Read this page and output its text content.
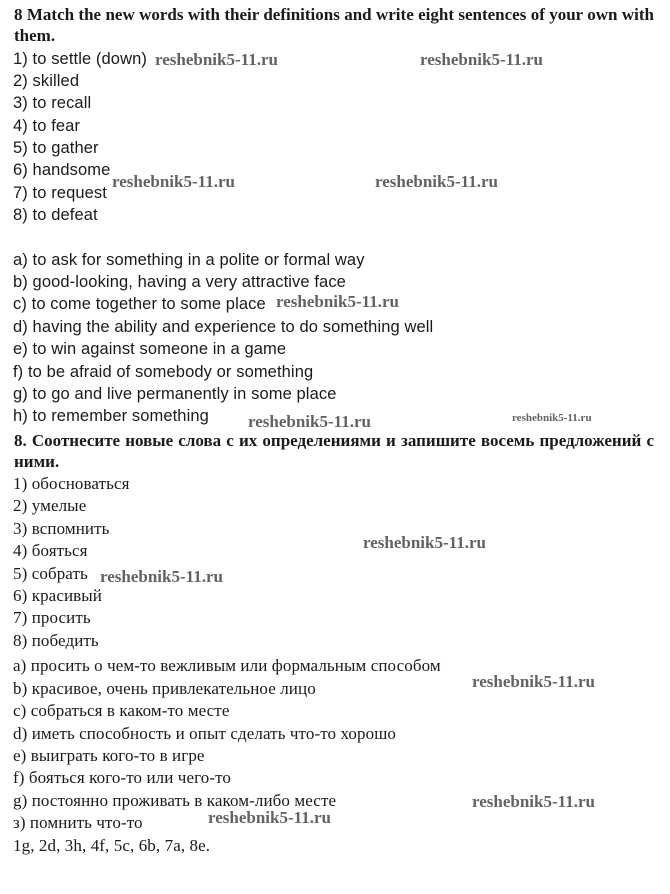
8 Match the new words with their definitions and write eight sentences of your own with them.

1) to settle (down)
2) skilled
3) to recall
4) to fear
5) to gather
6) handsome
7) to request
8) to defeat
a) to ask for something in a polite or formal way
b) good-looking, having a very attractive face
c) to come together to some place
d) having the ability and experience to do something well
e) to win against someone in a game
f) to be afraid of somebody or something
g) to go and live permanently in some place
h) to remember something

8. Соотнесите новые слова с их определениями и запишите восемь предложений с ними.

1) обосноваться
2) умелые
3) вспомнить
4) бояться
5) собрать
6) красивый
7) просить
8) победить
a) просить о чем-то вежливым или формальным способом
b) красивое, очень привлекательное лицо
c) собраться в каком-то месте
d) иметь способность и опыт сделать что-то хорошо
e) выиграть кого-то в игре
f) бояться кого-то или чего-то
g) постоянно проживать в каком-либо месте
з) помнить что-то
1g, 2d, 3h, 4f, 5c, 6b, 7a, 8e.
reshebnik5-11.ru	reshebnik5-11.ru
reshebnik5-11.ru	reshebnik5-11.ru
reshebnik5-11.ru
reshebnik5-11.ru	reshebnik5-11.ru
reshebnik5-11.ru
reshebnik5-11.ru
reshebnik5-11.ru
reshebnik5-11.ru
reshebnik5-11.ru
